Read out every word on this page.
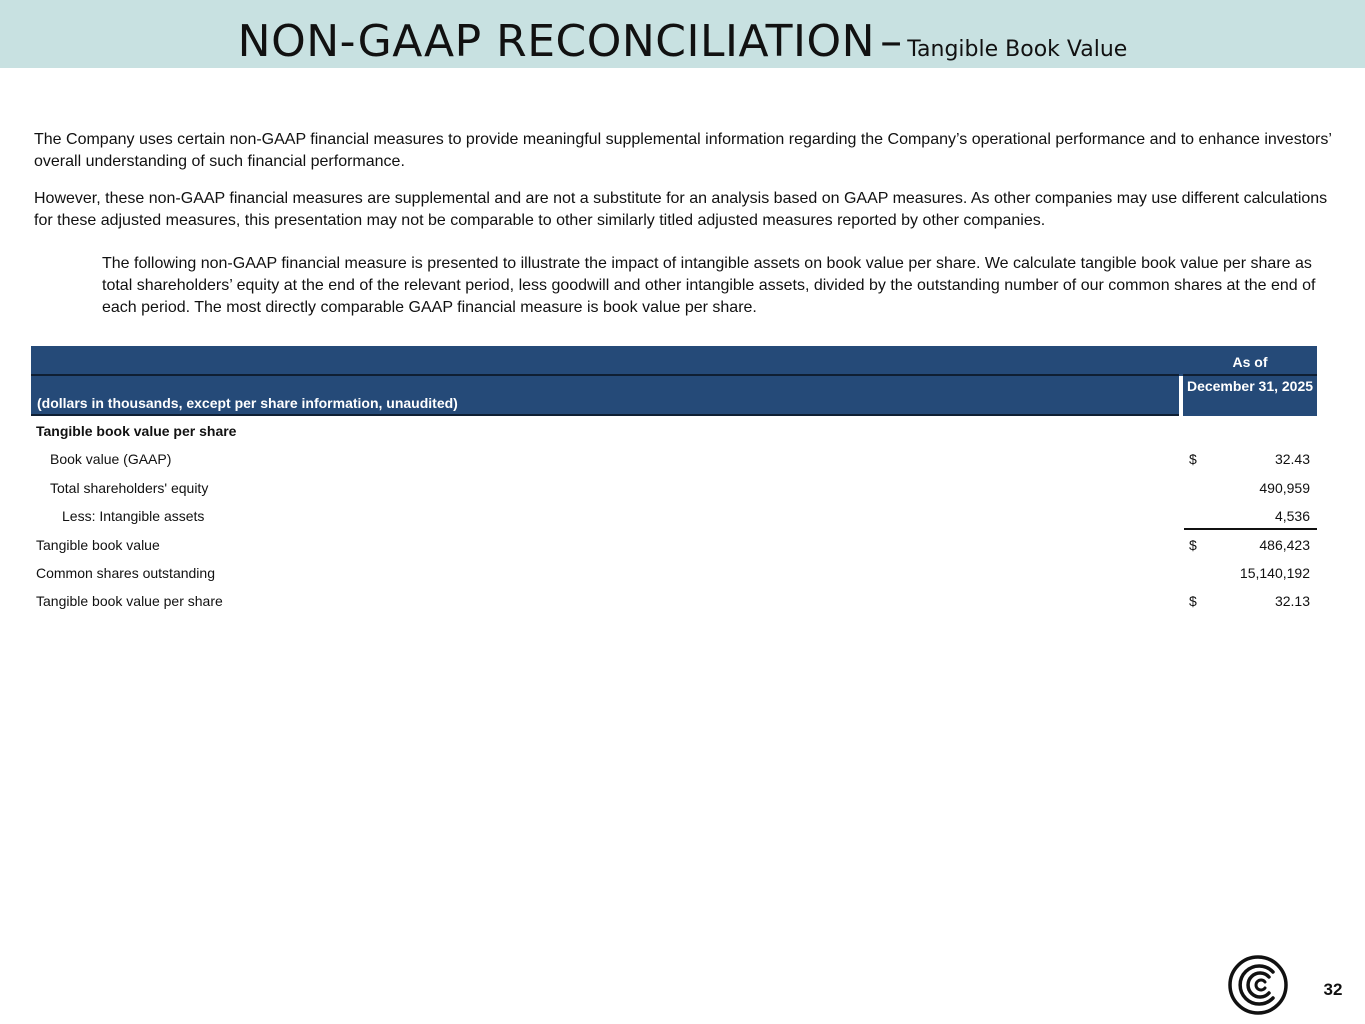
NON-GAAP RECONCILIATION – Tangible Book Value

The Company uses certain non-GAAP financial measures to provide meaningful supplemental information regarding the Company’s operational performance and to enhance investors’ overall understanding of such financial performance.

However, these non-GAAP financial measures are supplemental and are not a substitute for an analysis based on GAAP measures. As other companies may use different calculations for these adjusted measures, this presentation may not be comparable to other similarly titled adjusted measures reported by other companies.

The following non-GAAP financial measure is presented to illustrate the impact of intangible assets on book value per share. We calculate tangible book value per share as total shareholders’ equity at the end of the relevant period, less goodwill and other intangible assets, divided by the outstanding number of our common shares at the end of each period. The most directly comparable GAAP financial measure is book value per share.

As of
December 31, 2025
(dollars in thousands, except per share information, unaudited)
Tangible book value per share
Book value (GAAP)	$	32.43
Total shareholders' equity	490,959
Less: Intangible assets	4,536
Tangible book value	$	486,423
Common shares outstanding	15,140,192
Tangible book value per share	$	32.13
32
